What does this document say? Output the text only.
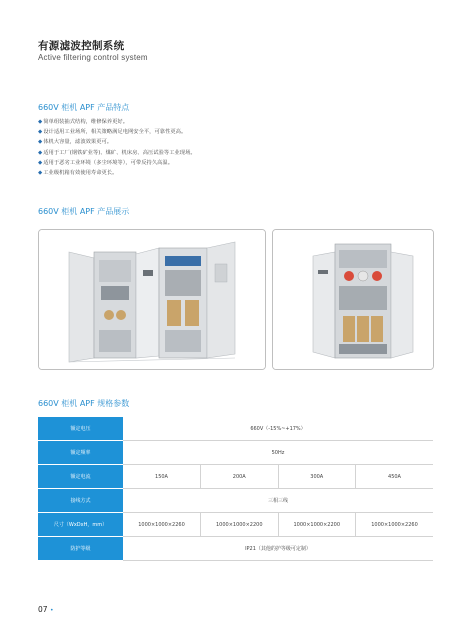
有源滤波控制系统
Active filtering control system
660V 柜机 APF 产品特点
◆简单组装抽式结构，维修保养更好。
◆设计适用工业场所，相关策略满足电网安全平，可靠性更高。
◆体机大容量，滤波效果更可。
◆适用于工厂(钢铁矿业等)、煤矿、机床房、高压试验等工业现场。
◆适用于恶劣工业环境（多尘环境等），可带反持久高温。
◆工业级机箱有效使用寿命更长。
660V 柜机 APF 产品展示
660V 柜机 APF 规格参数
额定电压	660V（-15%~+17%）			
额定频率	50Hz			
额定电流	150A	200A	300A	450A
接线方式	三相三线			
尺寸（WxDxH，mm）	1000×1000×2260	1000×1000×2200	1000×1000×2200	1000×1000×2260
防护等级	IP21（其他的护等级可定制）			
07 •
